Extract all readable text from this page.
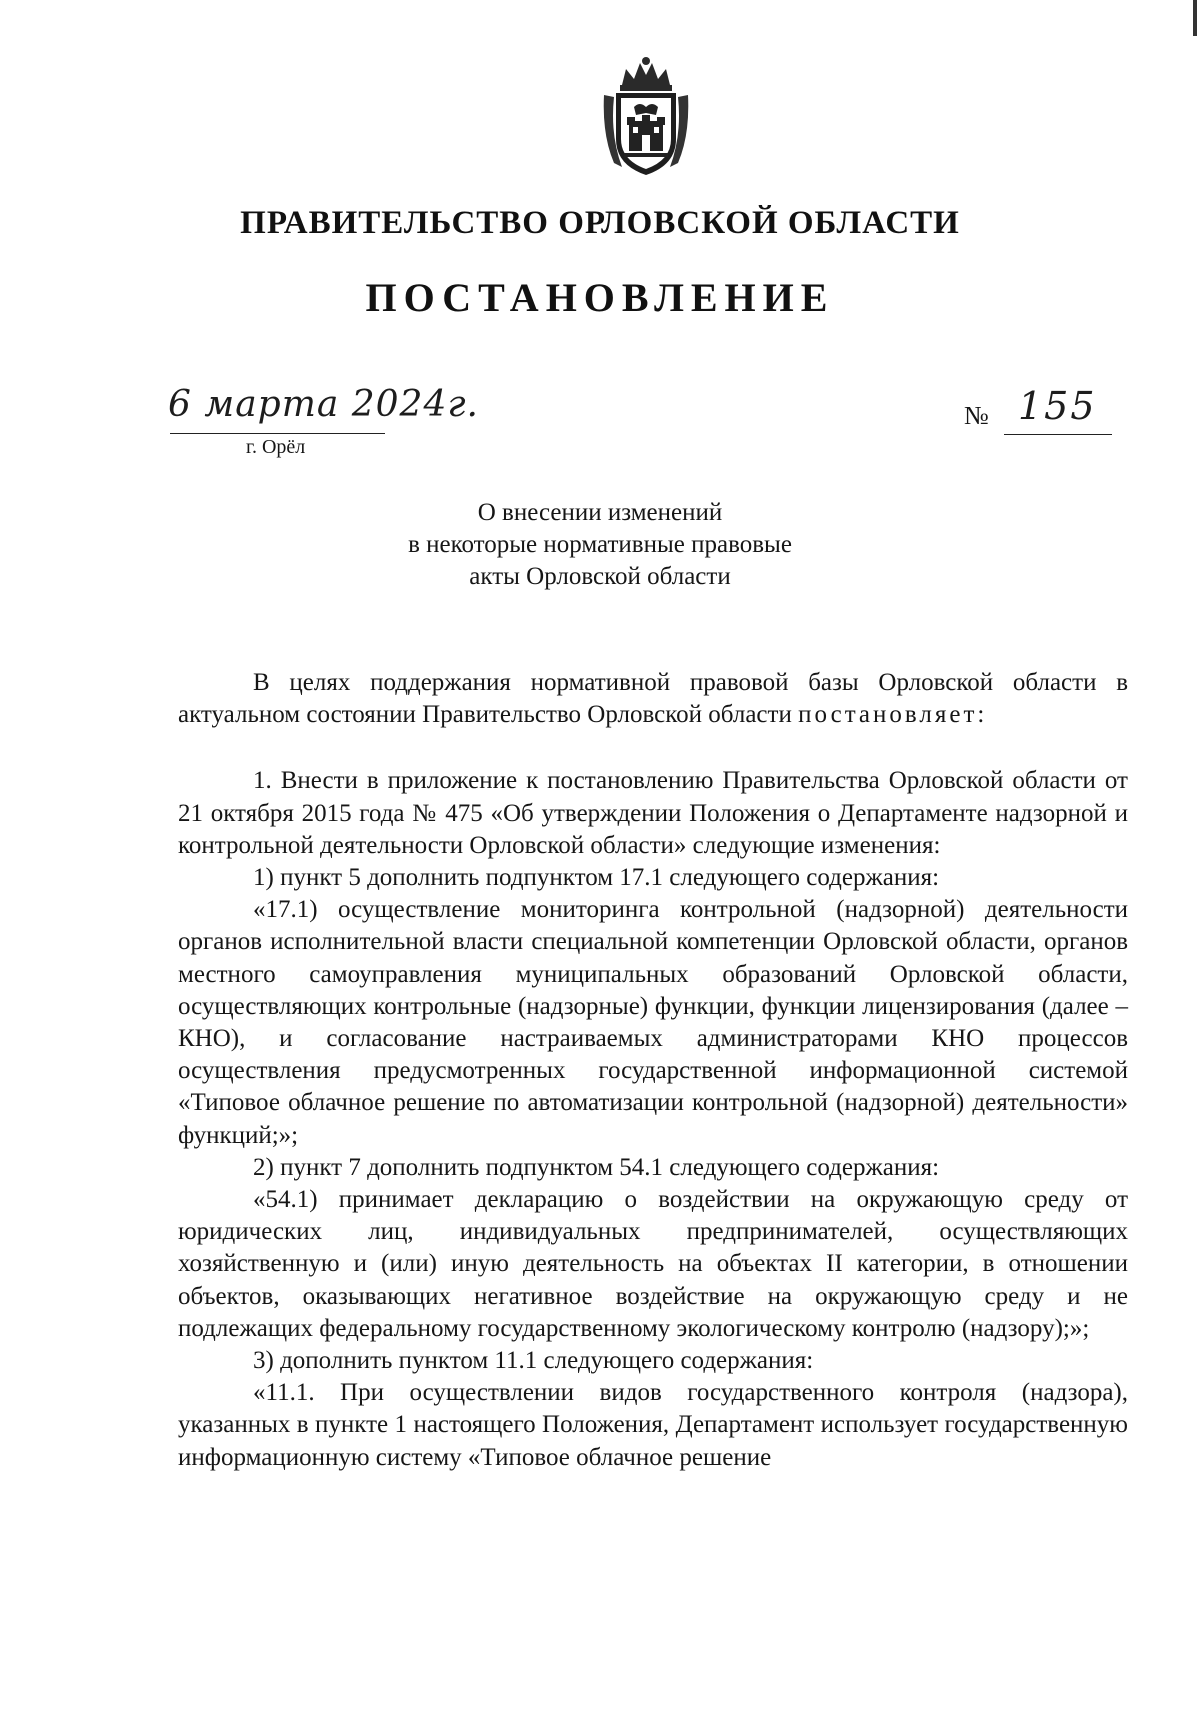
ПРАВИТЕЛЬСТВО ОРЛОВСКОЙ ОБЛАСТИ
ПОСТАНОВЛЕНИЕ
6 марта 2024г.
г. Орёл
№ 155
О внесении изменений
в некоторые нормативные правовые
акты Орловской области

В целях поддержания нормативной правовой базы Орловской области в актуальном состоянии Правительство Орловской области постановляет:

1. Внести в приложение к постановлению Правительства Орловской области от 21 октября 2015 года № 475 «Об утверждении Положения о Департаменте надзорной и контрольной деятельности Орловской области» следующие изменения:

1) пункт 5 дополнить подпунктом 17.1 следующего содержания:

«17.1) осуществление мониторинга контрольной (надзорной) деятельности органов исполнительной власти специальной компетенции Орловской области, органов местного самоуправления муниципальных образований Орловской области, осуществляющих контрольные (надзорные) функции, функции лицензирования (далее – КНО), и согласование настраиваемых администраторами КНО процессов осуществления предусмотренных государственной информационной системой «Типовое облачное решение по автоматизации контрольной (надзорной) деятельности» функций;»;

2) пункт 7 дополнить подпунктом 54.1 следующего содержания:

«54.1) принимает декларацию о воздействии на окружающую среду от юридических лиц, индивидуальных предпринимателей, осуществляющих хозяйственную и (или) иную деятельность на объектах II категории, в отношении объектов, оказывающих негативное воздействие на окружающую среду и не подлежащих федеральному государственному экологическому контролю (надзору);»;

3) дополнить пунктом 11.1 следующего содержания:

«11.1. При осуществлении видов государственного контроля (надзора), указанных в пункте 1 настоящего Положения, Департамент использует государственную информационную систему «Типовое облачное решение
